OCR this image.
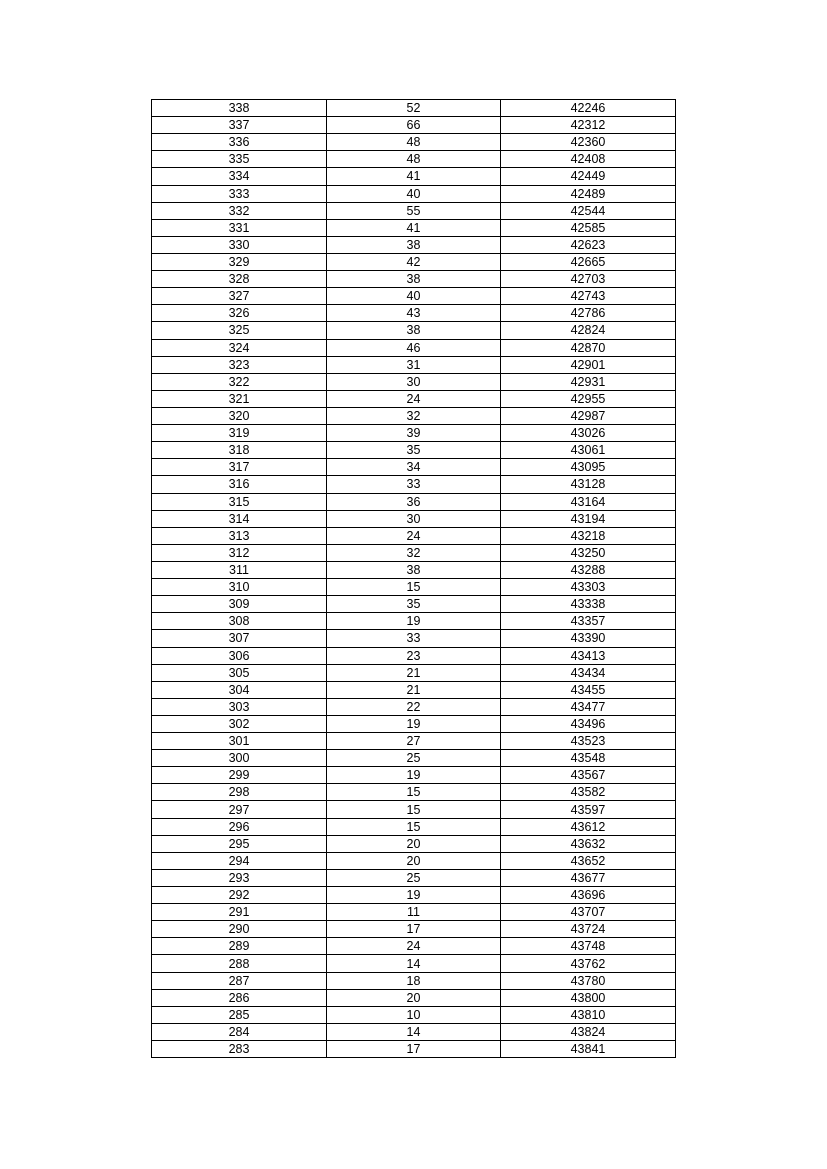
338	52	42246
337	66	42312
336	48	42360
335	48	42408
334	41	42449
333	40	42489
332	55	42544
331	41	42585
330	38	42623
329	42	42665
328	38	42703
327	40	42743
326	43	42786
325	38	42824
324	46	42870
323	31	42901
322	30	42931
321	24	42955
320	32	42987
319	39	43026
318	35	43061
317	34	43095
316	33	43128
315	36	43164
314	30	43194
313	24	43218
312	32	43250
311	38	43288
310	15	43303
309	35	43338
308	19	43357
307	33	43390
306	23	43413
305	21	43434
304	21	43455
303	22	43477
302	19	43496
301	27	43523
300	25	43548
299	19	43567
298	15	43582
297	15	43597
296	15	43612
295	20	43632
294	20	43652
293	25	43677
292	19	43696
291	11	43707
290	17	43724
289	24	43748
288	14	43762
287	18	43780
286	20	43800
285	10	43810
284	14	43824
283	17	43841
